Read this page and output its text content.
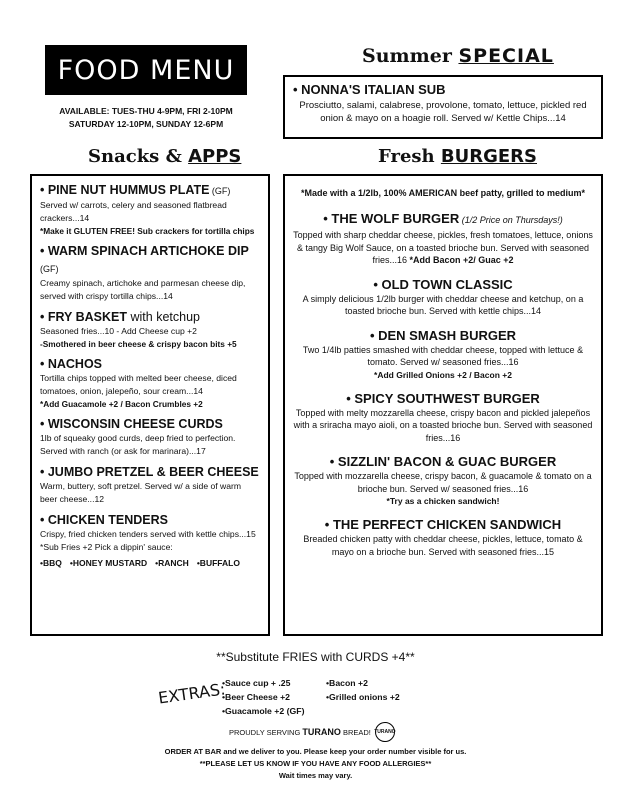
FOOD MENU
AVAILABLE: TUES-THU 4-9PM, FRI 2-10PM
SATURDAY 12-10PM, SUNDAY 12-6PM
Summer SPECIAL
• NONNA'S ITALIAN SUB
Prosciutto, salami, calabrese, provolone, tomato, lettuce, pickled red onion & mayo on a hoagie roll. Served w/ Kettle Chips...14
Snacks & APPS	Fresh BURGERS
• PINE NUT HUMMUS PLATE (GF)
Served w/ carrots, celery and seasoned flatbread crackers...14
*Make it GLUTEN FREE! Sub crackers for tortilla chips
• WARM SPINACH ARTICHOKE DIP (GF)
Creamy spinach, artichoke and parmesan cheese dip, served with crispy tortilla chips...14
• FRY BASKET with ketchup
Seasoned fries...10 - Add Cheese cup +2
-Smothered in beer cheese & crispy bacon bits +5
• NACHOS
Tortilla chips topped with melted beer cheese, diced tomatoes, onion, jalepeño, sour cream...14
*Add Guacamole +2 / Bacon Crumbles +2
• WISCONSIN CHEESE CURDS
1lb of squeaky good curds, deep fried to perfection. Served with ranch (or ask for marinara)...17
• JUMBO PRETZEL & BEER CHEESE
Warm, buttery, soft pretzel. Served w/ a side of warm beer cheese...12
• CHICKEN TENDERS
Crispy, fried chicken tenders served with kettle chips...15 *Sub Fries +2 Pick a dippin' sauce:
•BBQ •HONEY MUSTARD •RANCH •BUFFALO
*Made with a 1/2lb, 100% AMERICAN beef patty, grilled to medium*
• THE WOLF BURGER (1/2 Price on Thursdays!)
Topped with sharp cheddar cheese, pickles, fresh tomatoes, lettuce, onions & tangy Big Wolf Sauce, on a toasted brioche bun. Served with seasoned fries...16 *Add Bacon +2/ Guac +2
• OLD TOWN CLASSIC
A simply delicious 1/2lb burger with cheddar cheese and ketchup, on a toasted brioche bun. Served with kettle chips...14
• DEN SMASH BURGER
Two 1/4lb patties smashed with cheddar cheese, topped with lettuce & tomato. Served w/ seasoned fries...16
*Add Grilled Onions +2 / Bacon +2
• SPICY SOUTHWEST BURGER
Topped with melty mozzarella cheese, crispy bacon and pickled jalepeños with a sriracha mayo aioli, on a toasted brioche bun. Served with seasoned fries...16
• SIZZLIN' BACON & GUAC BURGER
Topped with mozzarella cheese, crispy bacon, & guacamole & tomato on a brioche bun. Served w/ seasoned fries...16
*Try as a chicken sandwich!
• THE PERFECT CHICKEN SANDWICH
Breaded chicken patty with cheddar cheese, pickles, lettuce, tomato & mayo on a brioche bun. Served with seasoned fries...15
**Substitute FRIES with CURDS +4**
EXTRAS:
•Sauce cup + .25	•Bacon +2
•Beer Cheese +2	•Grilled onions +2
•Guacamole +2 (GF)
PROUDLY SERVING TURANO BREAD! TURANO
ORDER AT BAR and we deliver to you. Please keep your order number visible for us.
**PLEASE LET US KNOW IF YOU HAVE ANY FOOD ALLERGIES**
Wait times may vary.
